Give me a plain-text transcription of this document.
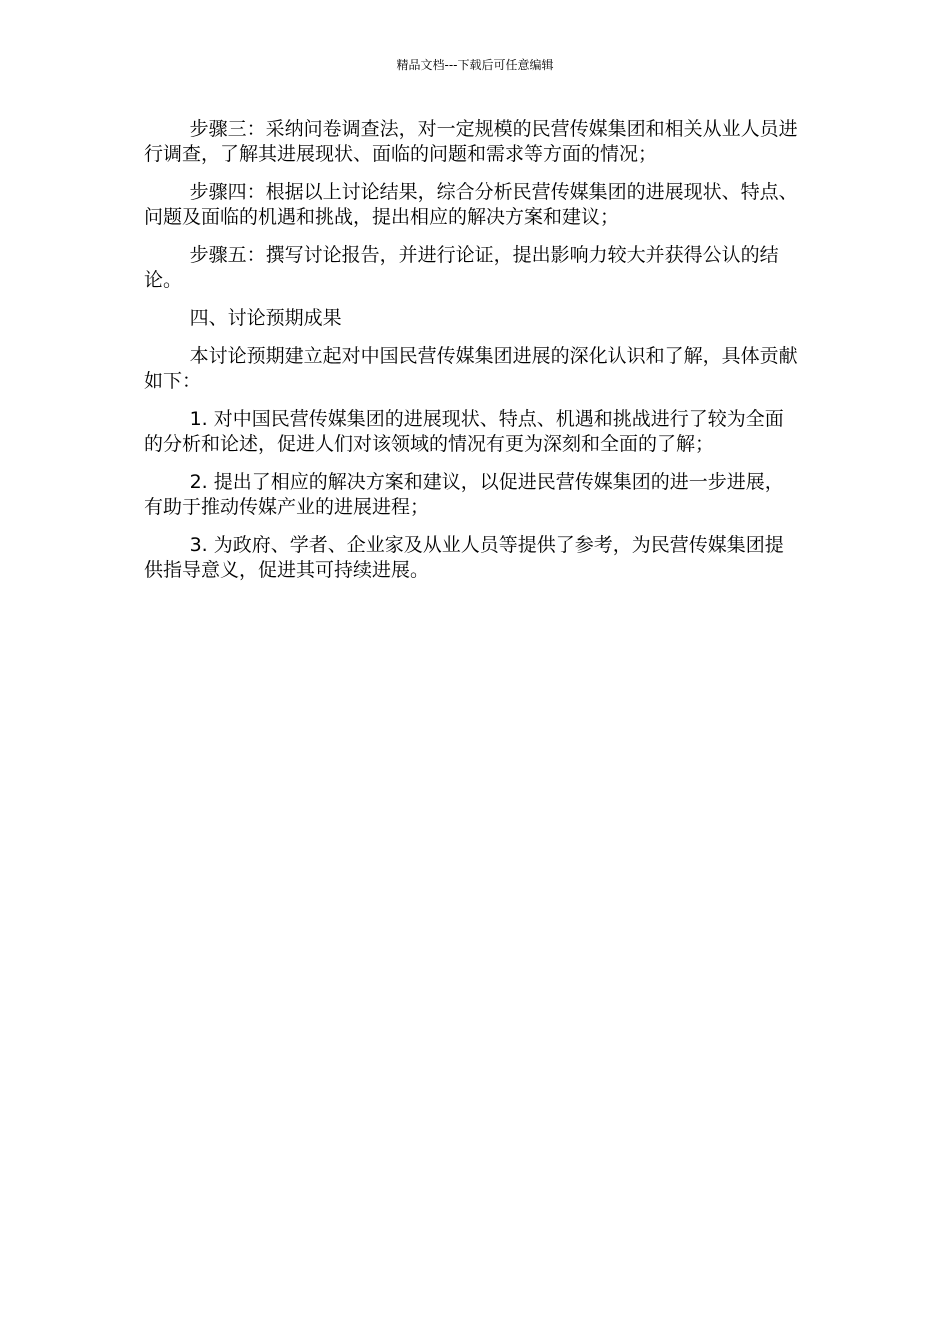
精品文档---下载后可任意编辑

步骤三：采纳问卷调查法，对一定规模的民营传媒集团和相关从业人员进行调查，了解其进展现状、面临的问题和需求等方面的情况；

步骤四：根据以上讨论结果，综合分析民营传媒集团的进展现状、特点、问题及面临的机遇和挑战，提出相应的解决方案和建议；

步骤五：撰写讨论报告，并进行论证，提出影响力较大并获得公认的结论。

四、讨论预期成果

本讨论预期建立起对中国民营传媒集团进展的深化认识和了解，具体贡献如下：

1. 对中国民营传媒集团的进展现状、特点、机遇和挑战进行了较为全面的分析和论述，促进人们对该领域的情况有更为深刻和全面的了解；

2. 提出了相应的解决方案和建议，以促进民营传媒集团的进一步进展，有助于推动传媒产业的进展进程；

3. 为政府、学者、企业家及从业人员等提供了参考，为民营传媒集团提供指导意义，促进其可持续进展。
